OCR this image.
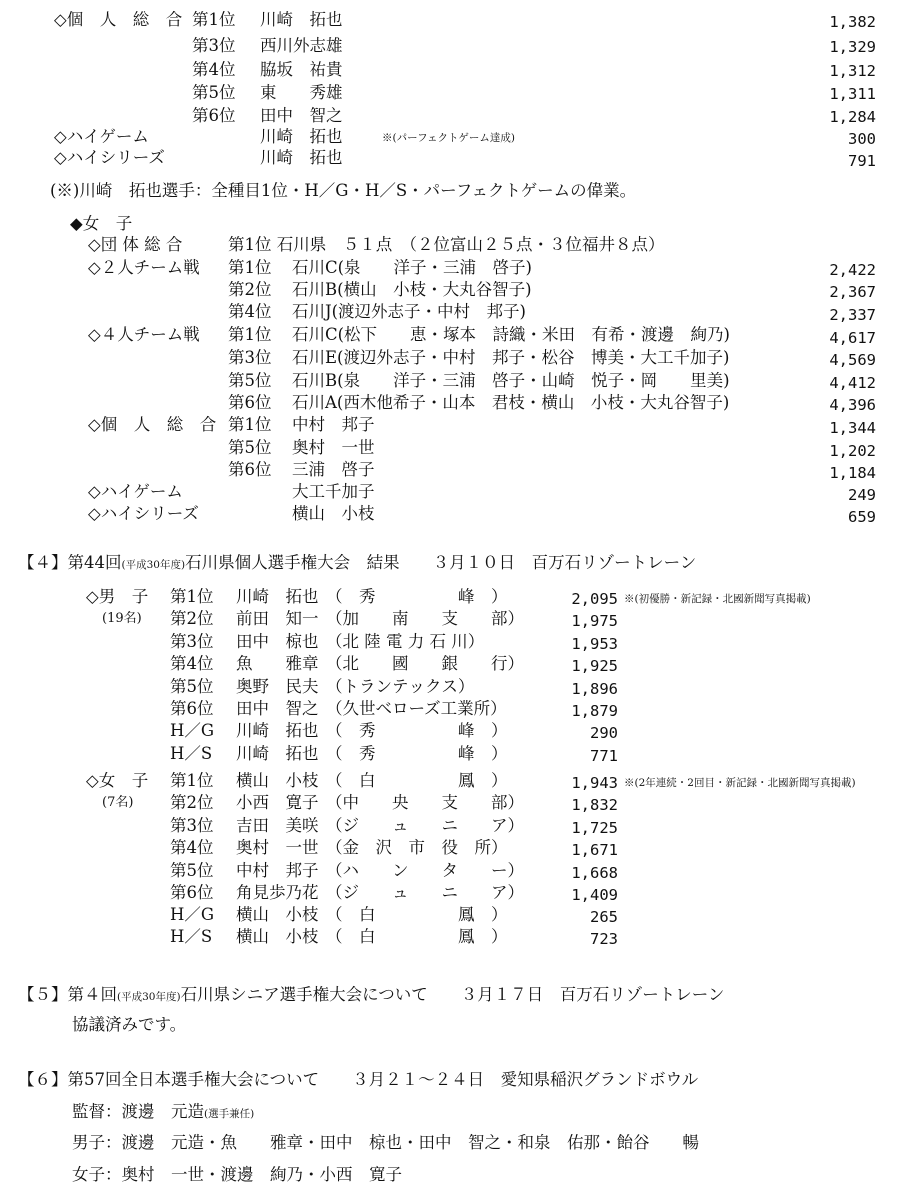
◇個　人　総　合 第1位 川崎　拓也	1,382
第3位 西川外志雄	1,329
第4位 脇坂　祐貴	1,312
第5位 東　　秀雄	1,311
第6位 田中　智之	1,284
◇ハイゲーム	川崎　拓也	※(パーフェクトゲーム達成)	300
◇ハイシリーズ	川崎　拓也	791
(※)川崎　拓也選手：全種目1位・H／G・H／S・パーフェクトゲームの偉業。
◆女　子
◇団 体 総 合	第1位 石川県　５１点　（２位富山２５点・３位福井８点）
◇２人チーム戦 第1位 石川C(泉　　洋子・三浦　啓子)	2,422
第2位 石川B(横山　小枝・大丸谷智子)	2,367
第4位 石川J(渡辺外志子・中村　邦子)	2,337
◇４人チーム戦 第1位 石川C(松下　　恵・塚本　詩織・米田　有希・渡邊　絢乃)	4,617
第3位 石川E(渡辺外志子・中村　邦子・松谷　博美・大工千加子)	4,569
第5位 石川B(泉　　洋子・三浦　啓子・山崎　悦子・岡　　里美)	4,412
第6位 石川A(西木他希子・山本　君枝・横山　小枝・大丸谷智子)	4,396
◇個　人　総　合 第1位 中村　邦子	1,344
第5位 奥村　一世	1,202
第6位 三浦　啓子	1,184
◇ハイゲーム	大工千加子	249
◇ハイシリーズ	横山　小枝	659
【４】第44回(平成30年度)石川県個人選手権大会　結果　　３月１０日　百万石リゾートレーン
◇男　子
(19名)
第1位 川崎　拓也 （　秀　　　　　峰　）	2,095 ※(初優勝・新記録・北國新聞写真掲載)
第2位 前田　知一 （加　　南　　支　　部）	1,975
第3位 田中　椋也 （北 陸 電 力 石 川）	1,953
第4位 魚　　雅章 （北　　國　　銀　　行）	1,925
第5位 奥野　民夫 （トランテックス）	1,896
第6位 田中　智之 （久世ベローズ工業所）	1,879
H／G 川崎　拓也 （　秀　　　　　峰　）	290
H／S 川崎　拓也 （　秀　　　　　峰　）	771
◇女　子
(7名)
第1位 横山　小枝 （　白　　　　　鳳　）	1,943 ※(2年連続・2回目・新記録・北國新聞写真掲載)
第2位 小西　寛子 （中　　央　　支　　部）	1,832
第3位 吉田　美咲 （ジ　　ュ　　ニ　　ア）	1,725
第4位 奥村　一世 （金　沢　市　役　所）	1,671
第5位 中村　邦子 （ハ　　ン　　タ　　ー）	1,668
第6位 角見歩乃花 （ジ　　ュ　　ニ　　ア）	1,409
H／G 横山　小枝 （　白　　　　　鳳　）	265
H／S 横山　小枝 （　白　　　　　鳳　）	723
【５】第４回(平成30年度)石川県シニア選手権大会について　　３月１７日　百万石リゾートレーン
協議済みです。
【６】第57回全日本選手権大会について　　３月２１～２４日　愛知県稲沢グランドボウル
監督：渡邊　元造(選手兼任)
男子：渡邊　元造・魚　　雅章・田中　椋也・田中　智之・和泉　佑那・飴谷　　暢
女子：奥村　一世・渡邊　絢乃・小西　寛子
